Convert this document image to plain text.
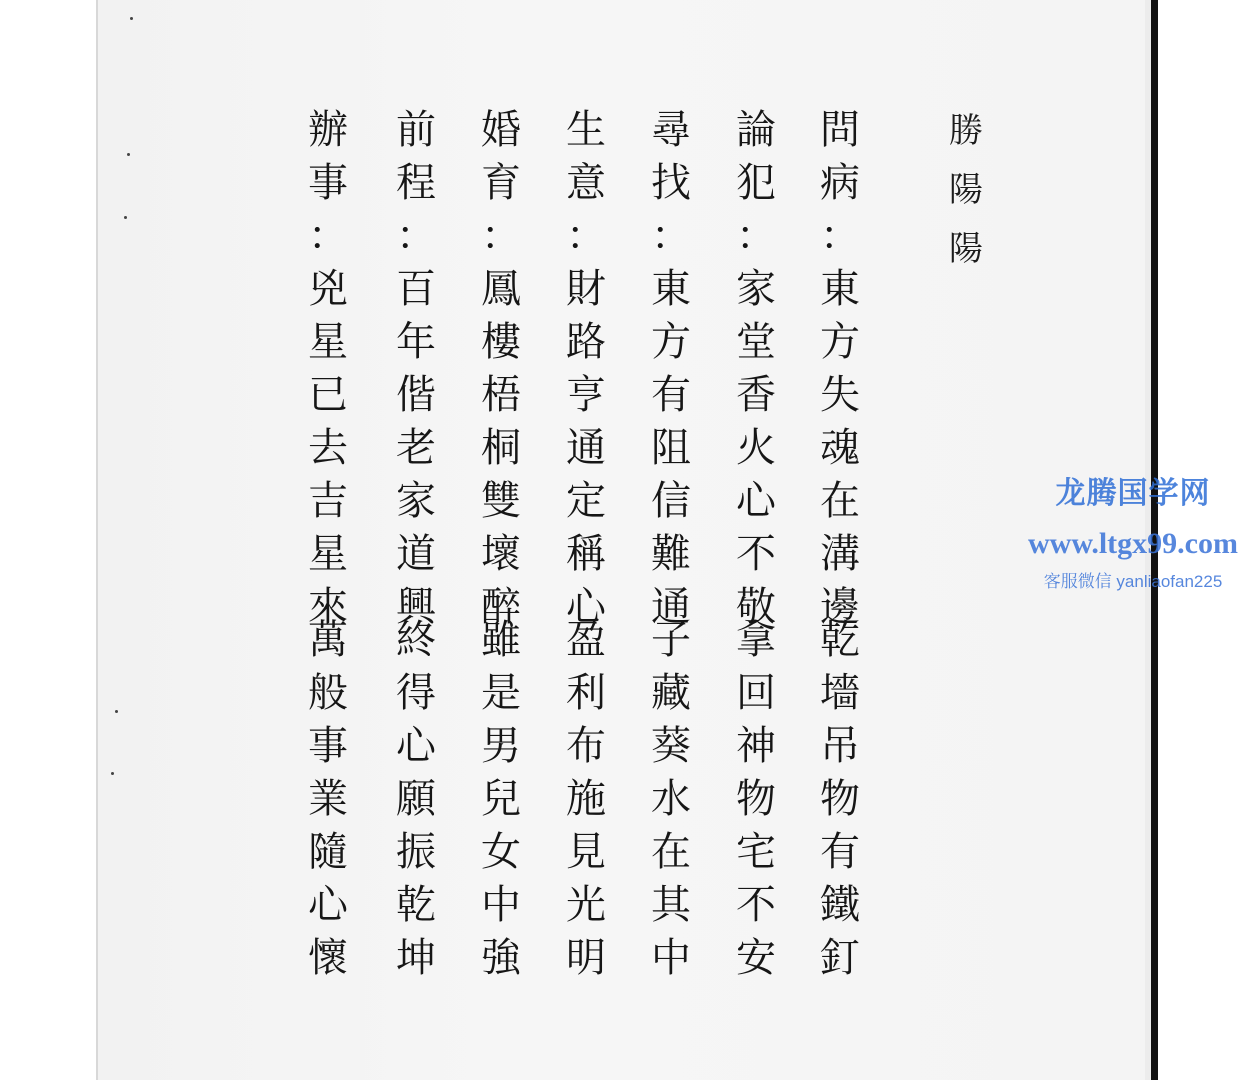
勝
陽
陽
問病
：
東方失魂在溝邊
乾墻吊物有鐵釘
論犯
：
家堂香火心不敬
拿回神物宅不安
尋找
：
東方有阻信難通
子藏葵水在其中
生意
：
財路亨通定稱心
盈利布施見光明
婚育
：
鳳樓梧桐雙壞醉
雖是男兒女中強
前程
：
百年偕老家道興
終得心願振乾坤
辦事
：
兇星已去吉星來
萬般事業隨心懷
龙腾国学网
www.ltgx99.com
客服微信 yanliaofan225
